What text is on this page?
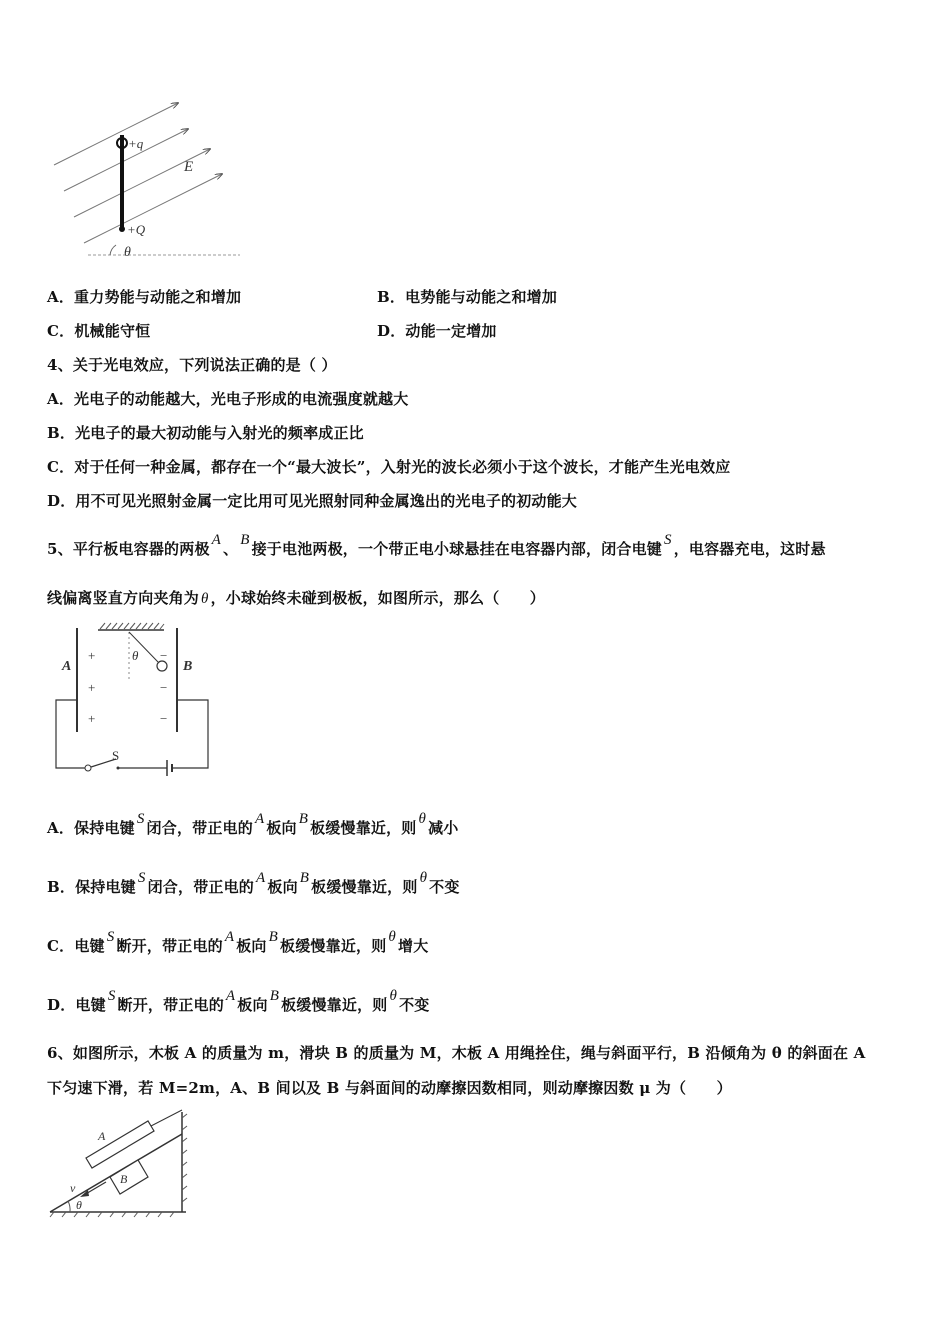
+q
+Q
E
θ
A．重力势能与动能之和增加	B．电势能与动能之和增加
C．机械能守恒	D．动能一定增加
4、关于光电效应，下列说法正确的是（ ）
A．光电子的动能越大，光电子形成的电流强度就越大
B．光电子的最大初动能与入射光的频率成正比
C．对于任何一种金属，都存在一个“最大波长”，入射光的波长必须小于这个波长，才能产生光电效应
D．用不可见光照射金属一定比用可见光照射同种金属逸出的光电子的初动能大
5、平行板电容器的两极 A 、 B 接于电池两极，一个带正电小球悬挂在电容器内部，闭合电键 S ，电容器充电，这时悬
线偏离竖直方向夹角为 θ ，小球始终未碰到极板，如图所示，那么（　　）
θ
+
+
+
−
−
−
A	B
S
A．保持电键 S 闭合，带正电的 A 板向 B 板缓慢靠近，则 θ 减小
B．保持电键 S 闭合，带正电的 A 板向 B 板缓慢靠近，则 θ 不变
C．电键 S 断开，带正电的 A 板向 B 板缓慢靠近，则 θ 增大
D．电键 S 断开，带正电的 A 板向 B 板缓慢靠近，则 θ 不变
6、如图所示，木板 A 的质量为 m，滑块 B 的质量为 M，木板 A 用绳拴住，绳与斜面平行，B 沿倾角为 θ 的斜面在 A
下匀速下滑，若 M=2m，A、B 间以及 B 与斜面间的动摩擦因数相同，则动摩擦因数 μ 为（　　）
B
A
v
θ
